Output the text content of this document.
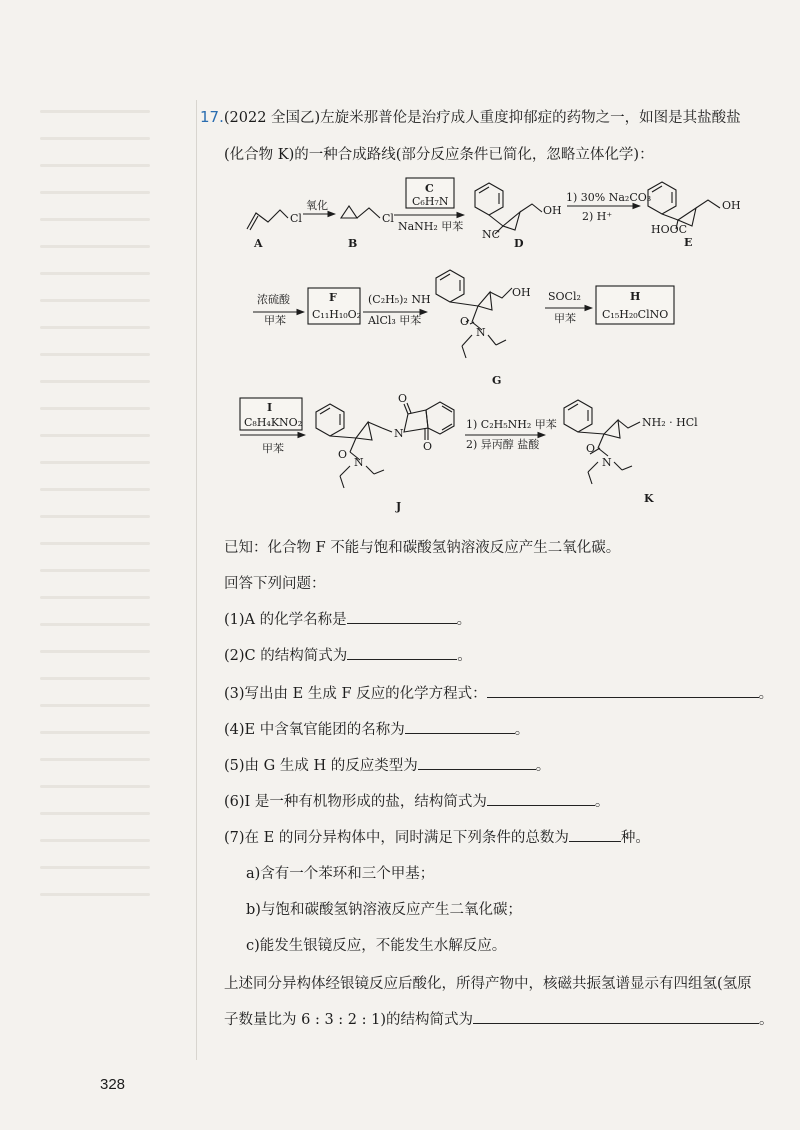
17.(2022 全国乙)左旋米那普伦是治疗成人重度抑郁症的药物之一，如图是其盐酸盐
(化合物 K)的一种合成路线(部分反应条件已简化，忽略立体化学)：
Cl
A
氧化
Cl
B
C
C₆H₇N
NaNH₂ 甲苯
NC
OH
D
1) 30% Na₂CO₃
2) H⁺
HOOC
OH
E
浓硫酸
甲苯
F
C₁₁H₁₀O₂
(C₂H₅)₂ NH
AlCl₃ 甲苯	O
N
OH
G
SOCl₂
甲苯
H
C₁₅H₂₀ClNO
I
C₈H₄KNO₂
甲苯	O
N
N
O
O
J
1) C₂H₅NH₂ 甲苯
2) 异丙醇 盐酸	O
N
NH₂ · HCl
K
已知：化合物 F 不能与饱和碳酸氢钠溶液反应产生二氧化碳。
回答下列问题：
(1)A 的化学名称是	。
(2)C 的结构简式为	。
(3)写出由 E 生成 F 反应的化学方程式：	。
(4)E 中含氧官能团的名称为	。
(5)由 G 生成 H 的反应类型为	。
(6)I 是一种有机物形成的盐，结构简式为	。
(7)在 E 的同分异构体中，同时满足下列条件的总数为	种。
a)含有一个苯环和三个甲基；
b)与饱和碳酸氢钠溶液反应产生二氧化碳；
c)能发生银镜反应，不能发生水解反应。
上述同分异构体经银镜反应后酸化，所得产物中，核磁共振氢谱显示有四组氢(氢原
子数量比为 6 : 3 : 2 : 1)的结构简式为	。
328
